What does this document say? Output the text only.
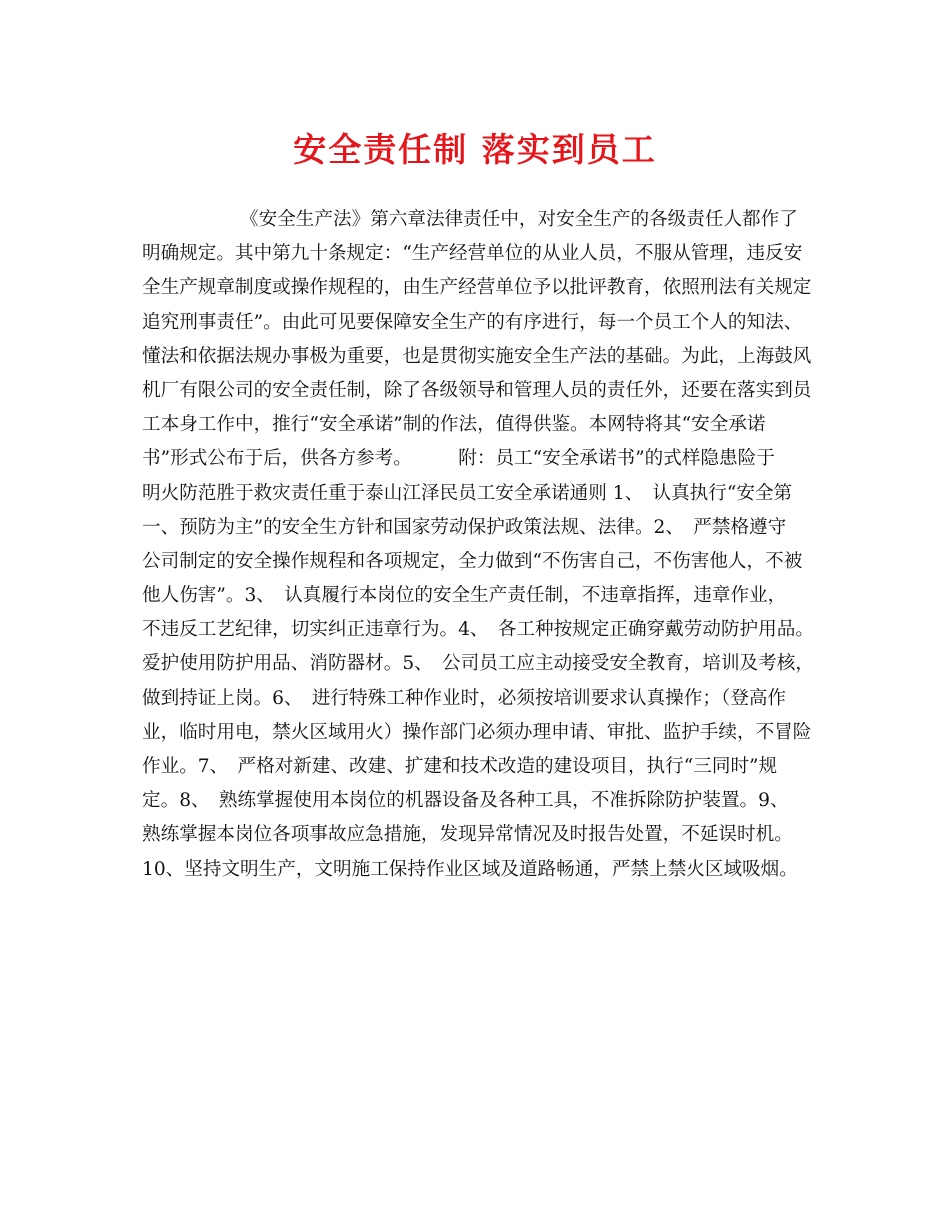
安全责任制 落实到员工
《安全生产法》第六章法律责任中，对安全生产的各级责任人都作了
明确规定。其中第九十条规定：“生产经营单位的从业人员，不服从管理，违反安
全生产规章制度或操作规程的，由生产经营单位予以批评教育，依照刑法有关规定
追究刑事责任”。由此可见要保障安全生产的有序进行，每一个员工个人的知法、
懂法和依据法规办事极为重要，也是贯彻实施安全生产法的基础。为此，上海鼓风
机厂有限公司的安全责任制，除了各级领导和管理人员的责任外，还要在落实到员
工本身工作中，推行“安全承诺”制的作法，值得供鉴。本网特将其“安全承诺
书”形式公布于后，供各方参考。　　　附：员工“安全承诺书”的式样隐患险于
明火防范胜于救灾责任重于泰山江泽民员工安全承诺通则 1、　认真执行“安全第
一、预防为主”的安全生方针和国家劳动保护政策法规、法律。2、　严禁格遵守
公司制定的安全操作规程和各项规定，全力做到“不伤害自己，不伤害他人，不被
他人伤害”。3、　认真履行本岗位的安全生产责任制，不违章指挥，违章作业，
不违反工艺纪律，切实纠正违章行为。4、　各工种按规定正确穿戴劳动防护用品。
爱护使用防护用品、消防器材。5、　公司员工应主动接受安全教育，培训及考核，
做到持证上岗。6、　进行特殊工种作业时，必须按培训要求认真操作；（登高作
业，临时用电，禁火区域用火）操作部门必须办理申请、审批、监护手续，不冒险
作业。7、　严格对新建、改建、扩建和技术改造的建设项目，执行“三同时”规
定。8、　熟练掌握使用本岗位的机器设备及各种工具，不准拆除防护装置。9、
熟练掌握本岗位各项事故应急措施，发现异常情况及时报告处置，不延误时机。
10、坚持文明生产，文明施工保持作业区域及道路畅通，严禁上禁火区域吸烟。
